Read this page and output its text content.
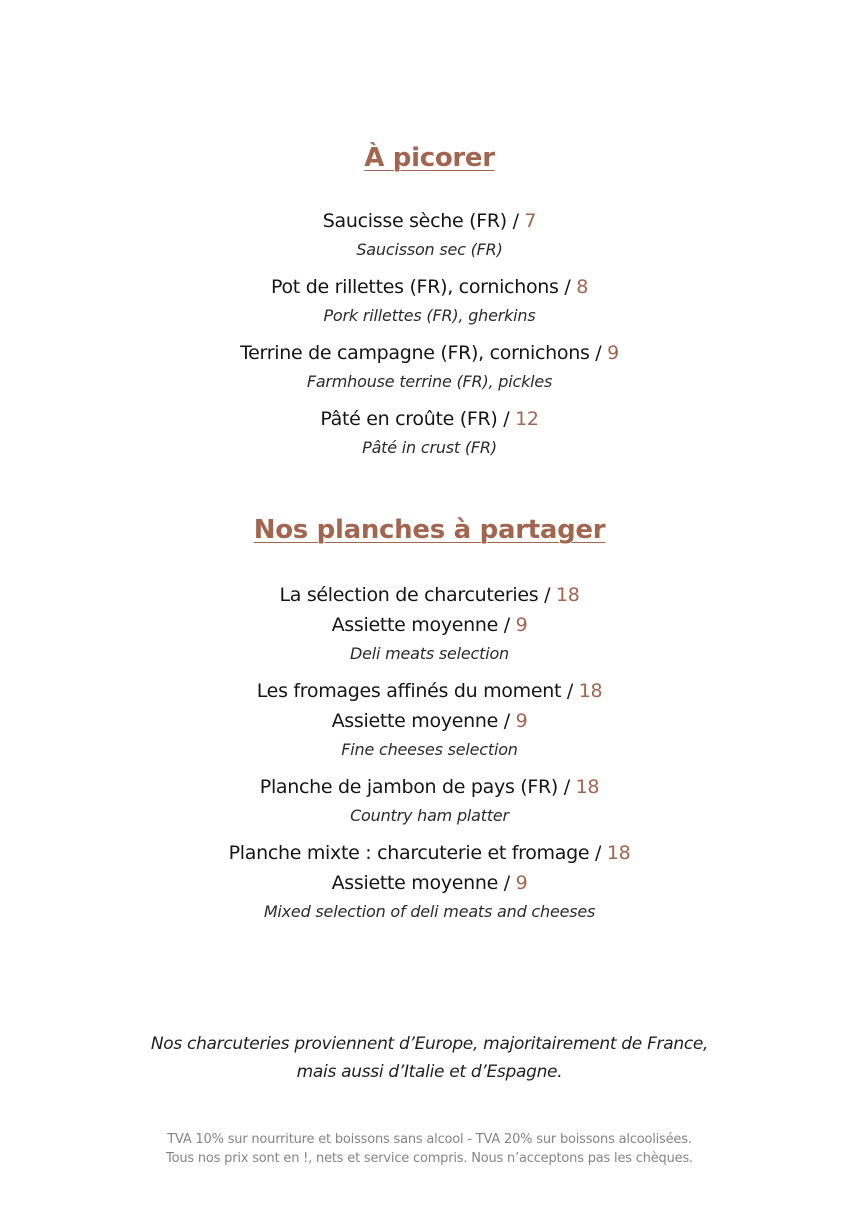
À picorer
Saucisse sèche (FR) / 7
Saucisson sec (FR)
Pot de rillettes (FR), cornichons / 8
Pork rillettes (FR), gherkins
Terrine de campagne (FR), cornichons / 9
Farmhouse terrine (FR), pickles
Pâté en croûte (FR) / 12
Pâté in crust (FR)
Nos planches à partager
La sélection de charcuteries / 18
Assiette moyenne / 9
Deli meats selection
Les fromages affinés du moment / 18
Assiette moyenne / 9
Fine cheeses selection
Planche de jambon de pays (FR) / 18
Country ham platter
Planche mixte : charcuterie et fromage / 18
Assiette moyenne / 9
Mixed selection of deli meats and cheeses
Nos charcuteries proviennent d’Europe, majoritairement de France,
mais aussi d’Italie et d’Espagne.
TVA 10% sur nourriture et boissons sans alcool - TVA 20% sur boissons alcoolisées.
Tous nos prix sont en !, nets et service compris. Nous n’acceptons pas les chèques.
